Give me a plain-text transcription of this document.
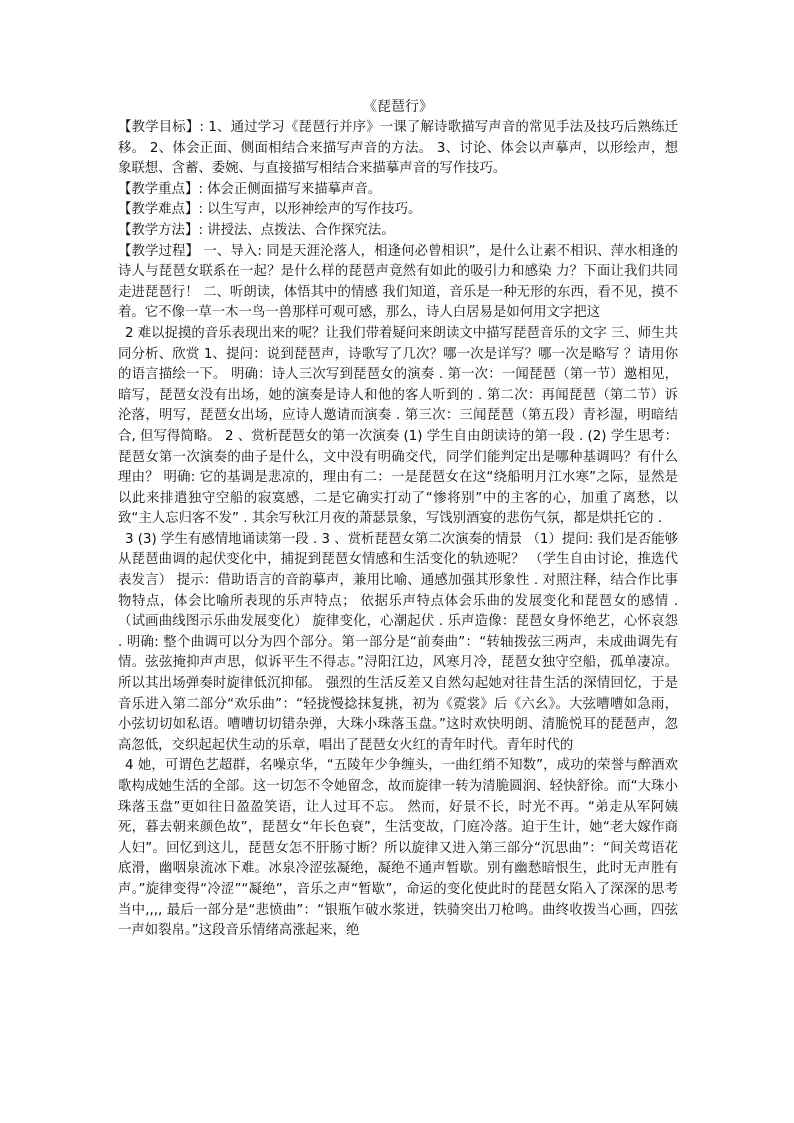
《琵琶行》

【教学目标】: 1、通过学习《琵琶行并序》一课了解诗歌描写声音的常见手法及技巧后熟练迁移。 2、体会正面、侧面相结合来描写声音的方法。 3、讨论、体会以声摹声，以形绘声，想象联想、含蓄、委婉、与直接描写相结合来描摹声音的写作技巧。

【教学重点】: 体会正侧面描写来描摹声音。

【教学难点】: 以生写声，以形神绘声的写作技巧。

【教学方法】: 讲授法、点拨法、合作探究法。

【教学过程】 一、导入: 同是天涯沦落人，相逢何必曾相识”，是什么让素不相识、萍水相逢的诗人与琵琶女联系在一起？是什么样的琵琶声竟然有如此的吸引力和感染 力？下面让我们共同走进琵琶行！ 二、听朗读，体悟其中的情感 我们知道，音乐是一种无形的东西，看不见，摸不着。它不像一草一木一鸟一兽那样可观可感，那么，诗人白居易是如何用文字把这

2 难以捉摸的音乐表现出来的呢？让我们带着疑问来朗读文中描写琵琶音乐的文字 三、师生共同分析、欣赏 1、提问：说到琵琶声，诗歌写了几次？哪一次是详写？哪一次是略写 ？请用你的语言描绘一下。 明确：诗人三次写到琵琶女的演奏 . 第一次：一闻琵琶（第一节）邀相见，暗写，琵琶女没有出场，她的演奏是诗人和他的客人听到的 . 第二次：再闻琵琶（第二节）诉沦落，明写，琵琶女出场，应诗人邀请而演奏 . 第三次：三闻琵琶（第五段）青衫湿，明暗结合, 但写得简略。 2 、赏析琵琶女的第一次演奏 (1) 学生自由朗读诗的第一段 . (2) 学生思考：琵琶女第一次演奏的曲子是什么，文中没有明确交代，同学们能判定出是哪种基调吗？有什么理由？ 明确: 它的基调是悲凉的，理由有二：一是琵琶女在这“绕船明月江水寒”之际，显然是以此来排遣独守空船的寂寞感，二是它确实打动了“惨将别”中的主客的心，加重了离愁，以致“主人忘归客不发” . 其余写秋江月夜的萧瑟景象，写饯别酒宴的悲伤气氛，都是烘托它的 .

3 (3) 学生有感情地诵读第一段 . 3 、赏析琵琶女第二次演奏的情景 （1）提问: 我们是否能够从琵琶曲调的起伏变化中，捕捉到琵琶女情感和生活变化的轨迹呢？ （学生自由讨论，推选代表发言） 提示：借助语言的音韵摹声，兼用比喻、通感加强其形象性 . 对照注释，结合作比事物特点，体会比喻所表现的乐声特点； 依据乐声特点体会乐曲的发展变化和琵琶女的感情 . （试画曲线图示乐曲发展变化） 旋律变化，心潮起伏 . 乐声造像：琵琶女身怀绝艺，心怀哀怨 . 明确: 整个曲调可以分为四个部分。第一部分是“前奏曲”：“转轴拨弦三两声，未成曲调先有情。弦弦掩抑声声思，似诉平生不得志。”浔阳江边，风寒月冷，琵琶女独守空船，孤单凄凉。所以其出场弹奏时旋律低沉抑郁。 强烈的生活反差又自然勾起她对往昔生活的深情回忆，于是音乐进入第二部分“欢乐曲”：“轻拢慢捻抹复挑，初为《霓裳》后《六幺》。大弦嘈嘈如急雨，小弦切切如私语。嘈嘈切切错杂弹，大珠小珠落玉盘。”这时欢快明朗、清脆悦耳的琵琶声，忽高忽低，交织起起伏生动的乐章，唱出了琵琶女火红的青年时代。青年时代的

4 她，可谓色艺超群，名噪京华，“五陵年少争缠头，一曲红绡不知数”，成功的荣誉与醉酒欢歌构成她生活的全部。这一切怎不令她留念，故而旋律一转为清脆圆润、轻快舒徐。而“大珠小珠落玉盘”更如往日盈盈笑语，让人过耳不忘。 然而，好景不长，时光不再。“弟走从军阿姨死，暮去朝来颜色故”，琵琶女“年长色衰”，生活变故，门庭冷落。迫于生计，她“老大嫁作商人妇”。回忆到这儿，琵琶女怎不肝肠寸断？所以旋律又进入第三部分“沉思曲”：“间关莺语花底滑，幽咽泉流冰下难。冰泉冷涩弦凝绝，凝绝不通声暂歇。别有幽愁暗恨生，此时无声胜有声。”旋律变得“冷涩”“凝绝”，音乐之声“暂歇”，命运的变化使此时的琵琶女陷入了深深的思考当中,,,, 最后一部分是“悲愤曲”：“银瓶乍破水浆迸，铁骑突出刀枪鸣。曲终收拨当心画，四弦一声如裂帛。”这段音乐情绪高涨起来，绝
